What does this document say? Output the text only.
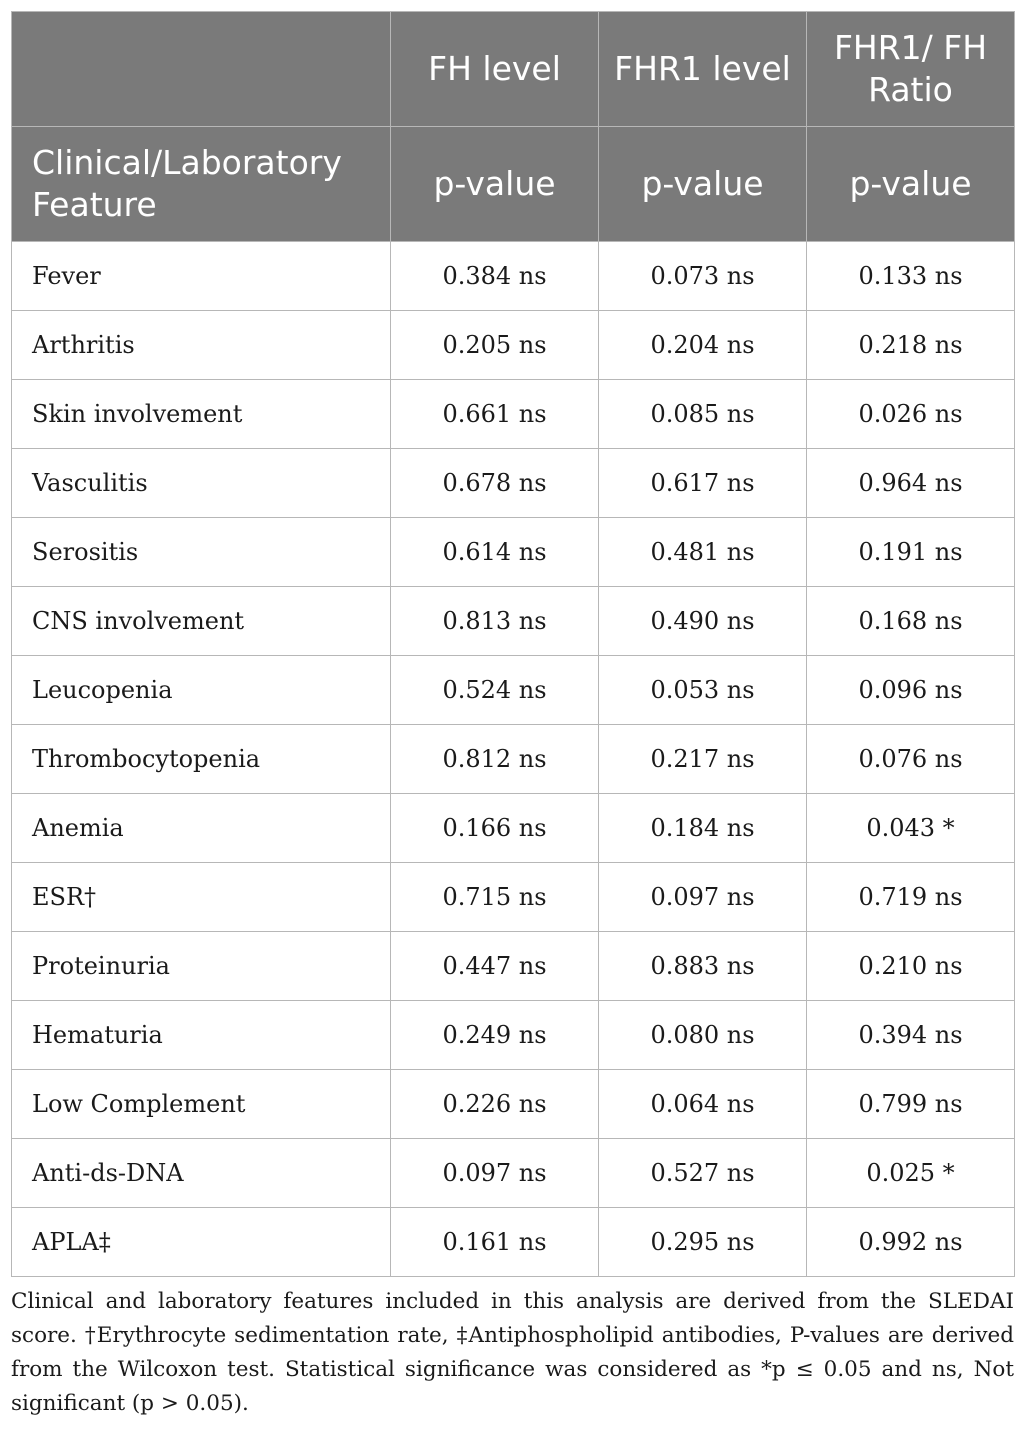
	FH level	FHR1 level	FHR1/ FH Ratio
Clinical/Laboratory Feature	p-value	p-value	p-value
Fever	0.384 ns	0.073 ns	0.133 ns
Arthritis	0.205 ns	0.204 ns	0.218 ns
Skin involvement	0.661 ns	0.085 ns	0.026 ns
Vasculitis	0.678 ns	0.617 ns	0.964 ns
Serositis	0.614 ns	0.481 ns	0.191 ns
CNS involvement	0.813 ns	0.490 ns	0.168 ns
Leucopenia	0.524 ns	0.053 ns	0.096 ns
Thrombocytopenia	0.812 ns	0.217 ns	0.076 ns
Anemia	0.166 ns	0.184 ns	0.043 *
ESR†	0.715 ns	0.097 ns	0.719 ns
Proteinuria	0.447 ns	0.883 ns	0.210 ns
Hematuria	0.249 ns	0.080 ns	0.394 ns
Low Complement	0.226 ns	0.064 ns	0.799 ns
Anti-ds-DNA	0.097 ns	0.527 ns	0.025 *
APLA‡	0.161 ns	0.295 ns	0.992 ns
Clinical and laboratory features included in this analysis are derived from the SLEDAI score. †Erythrocyte sedimentation rate, ‡Antiphospholipid antibodies, P-values are derived from the Wilcoxon test. Statistical significance was considered as *p ≤ 0.05 and ns, Not significant (p > 0.05).
